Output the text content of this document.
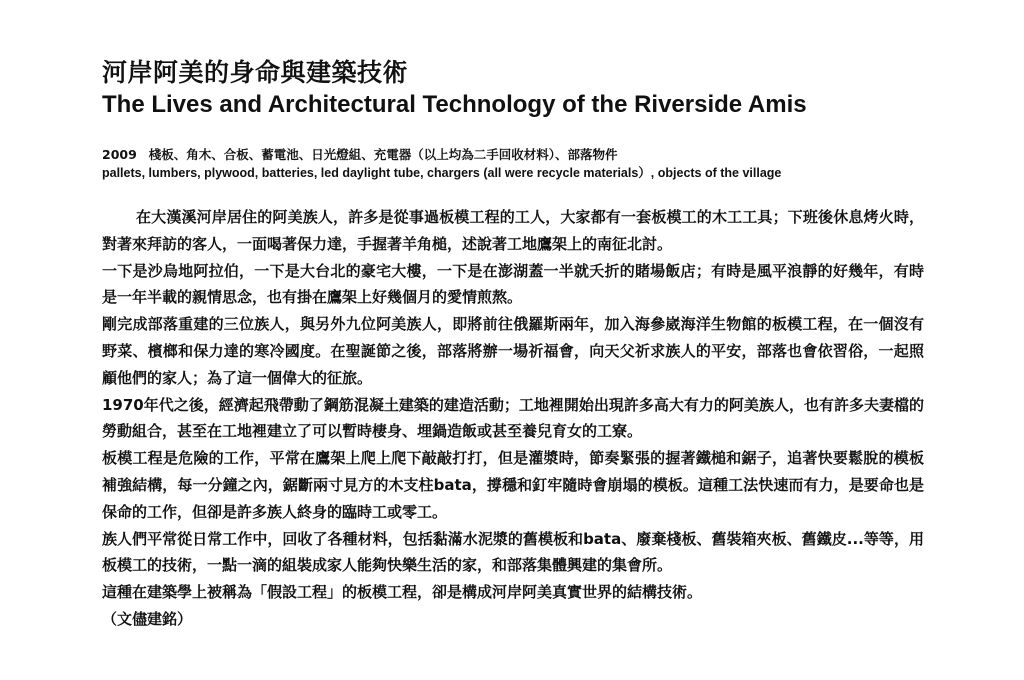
河岸阿美的身命與建築技術
The Lives and Architectural Technology of the Riverside Amis
2009 棧板、角木、合板、蓄電池、日光燈組、充電器（以上均為二手回收材料）、部落物件
pallets, lumbers, plywood, batteries, led daylight tube, chargers (all were recycle materials）, objects of the village

在大漢溪河岸居住的阿美族人，許多是從事過板模工程的工人，大家都有一套板模工的木工工具；下班後休息烤火時，對著來拜訪的客人，一面喝著保力達，手握著羊角槌，述說著工地鷹架上的南征北討。

一下是沙烏地阿拉伯，一下是大台北的豪宅大樓，一下是在澎湖蓋一半就夭折的賭場飯店；有時是風平浪靜的好幾年，有時是一年半載的親情思念，也有掛在鷹架上好幾個月的愛情煎熬。

剛完成部落重建的三位族人，與另外九位阿美族人，即將前往俄羅斯兩年，加入海參崴海洋生物館的板模工程，在一個沒有野菜、檳榔和保力達的寒冷國度。在聖誕節之後，部落將辦一場祈福會，向天父祈求族人的平安，部落也會依習俗，一起照顧他們的家人；為了這一個偉大的征旅。

1970年代之後，經濟起飛帶動了鋼筋混凝土建築的建造活動；工地裡開始出現許多高大有力的阿美族人，也有許多夫妻檔的勞動組合，甚至在工地裡建立了可以暫時棲身、埋鍋造飯或甚至養兒育女的工寮。

板模工程是危險的工作，平常在鷹架上爬上爬下敲敲打打，但是灌漿時，節奏緊張的握著鐵槌和鋸子，追著快要鬆脫的模板補強結構，每一分鐘之內，鋸斷兩寸見方的木支柱bata，撐穩和釘牢隨時會崩塌的模板。這種工法快速而有力，是要命也是保命的工作，但卻是許多族人終身的臨時工或零工。

族人們平常從日常工作中，回收了各種材料，包括黏滿水泥漿的舊模板和bata、廢棄棧板、舊裝箱夾板、舊鐵皮...等等，用板模工的技術，一點一滴的組裝成家人能夠快樂生活的家，和部落集體興建的集會所。

這種在建築學上被稱為「假設工程」的板模工程，卻是構成河岸阿美真實世界的結構技術。

（文儘建銘）
